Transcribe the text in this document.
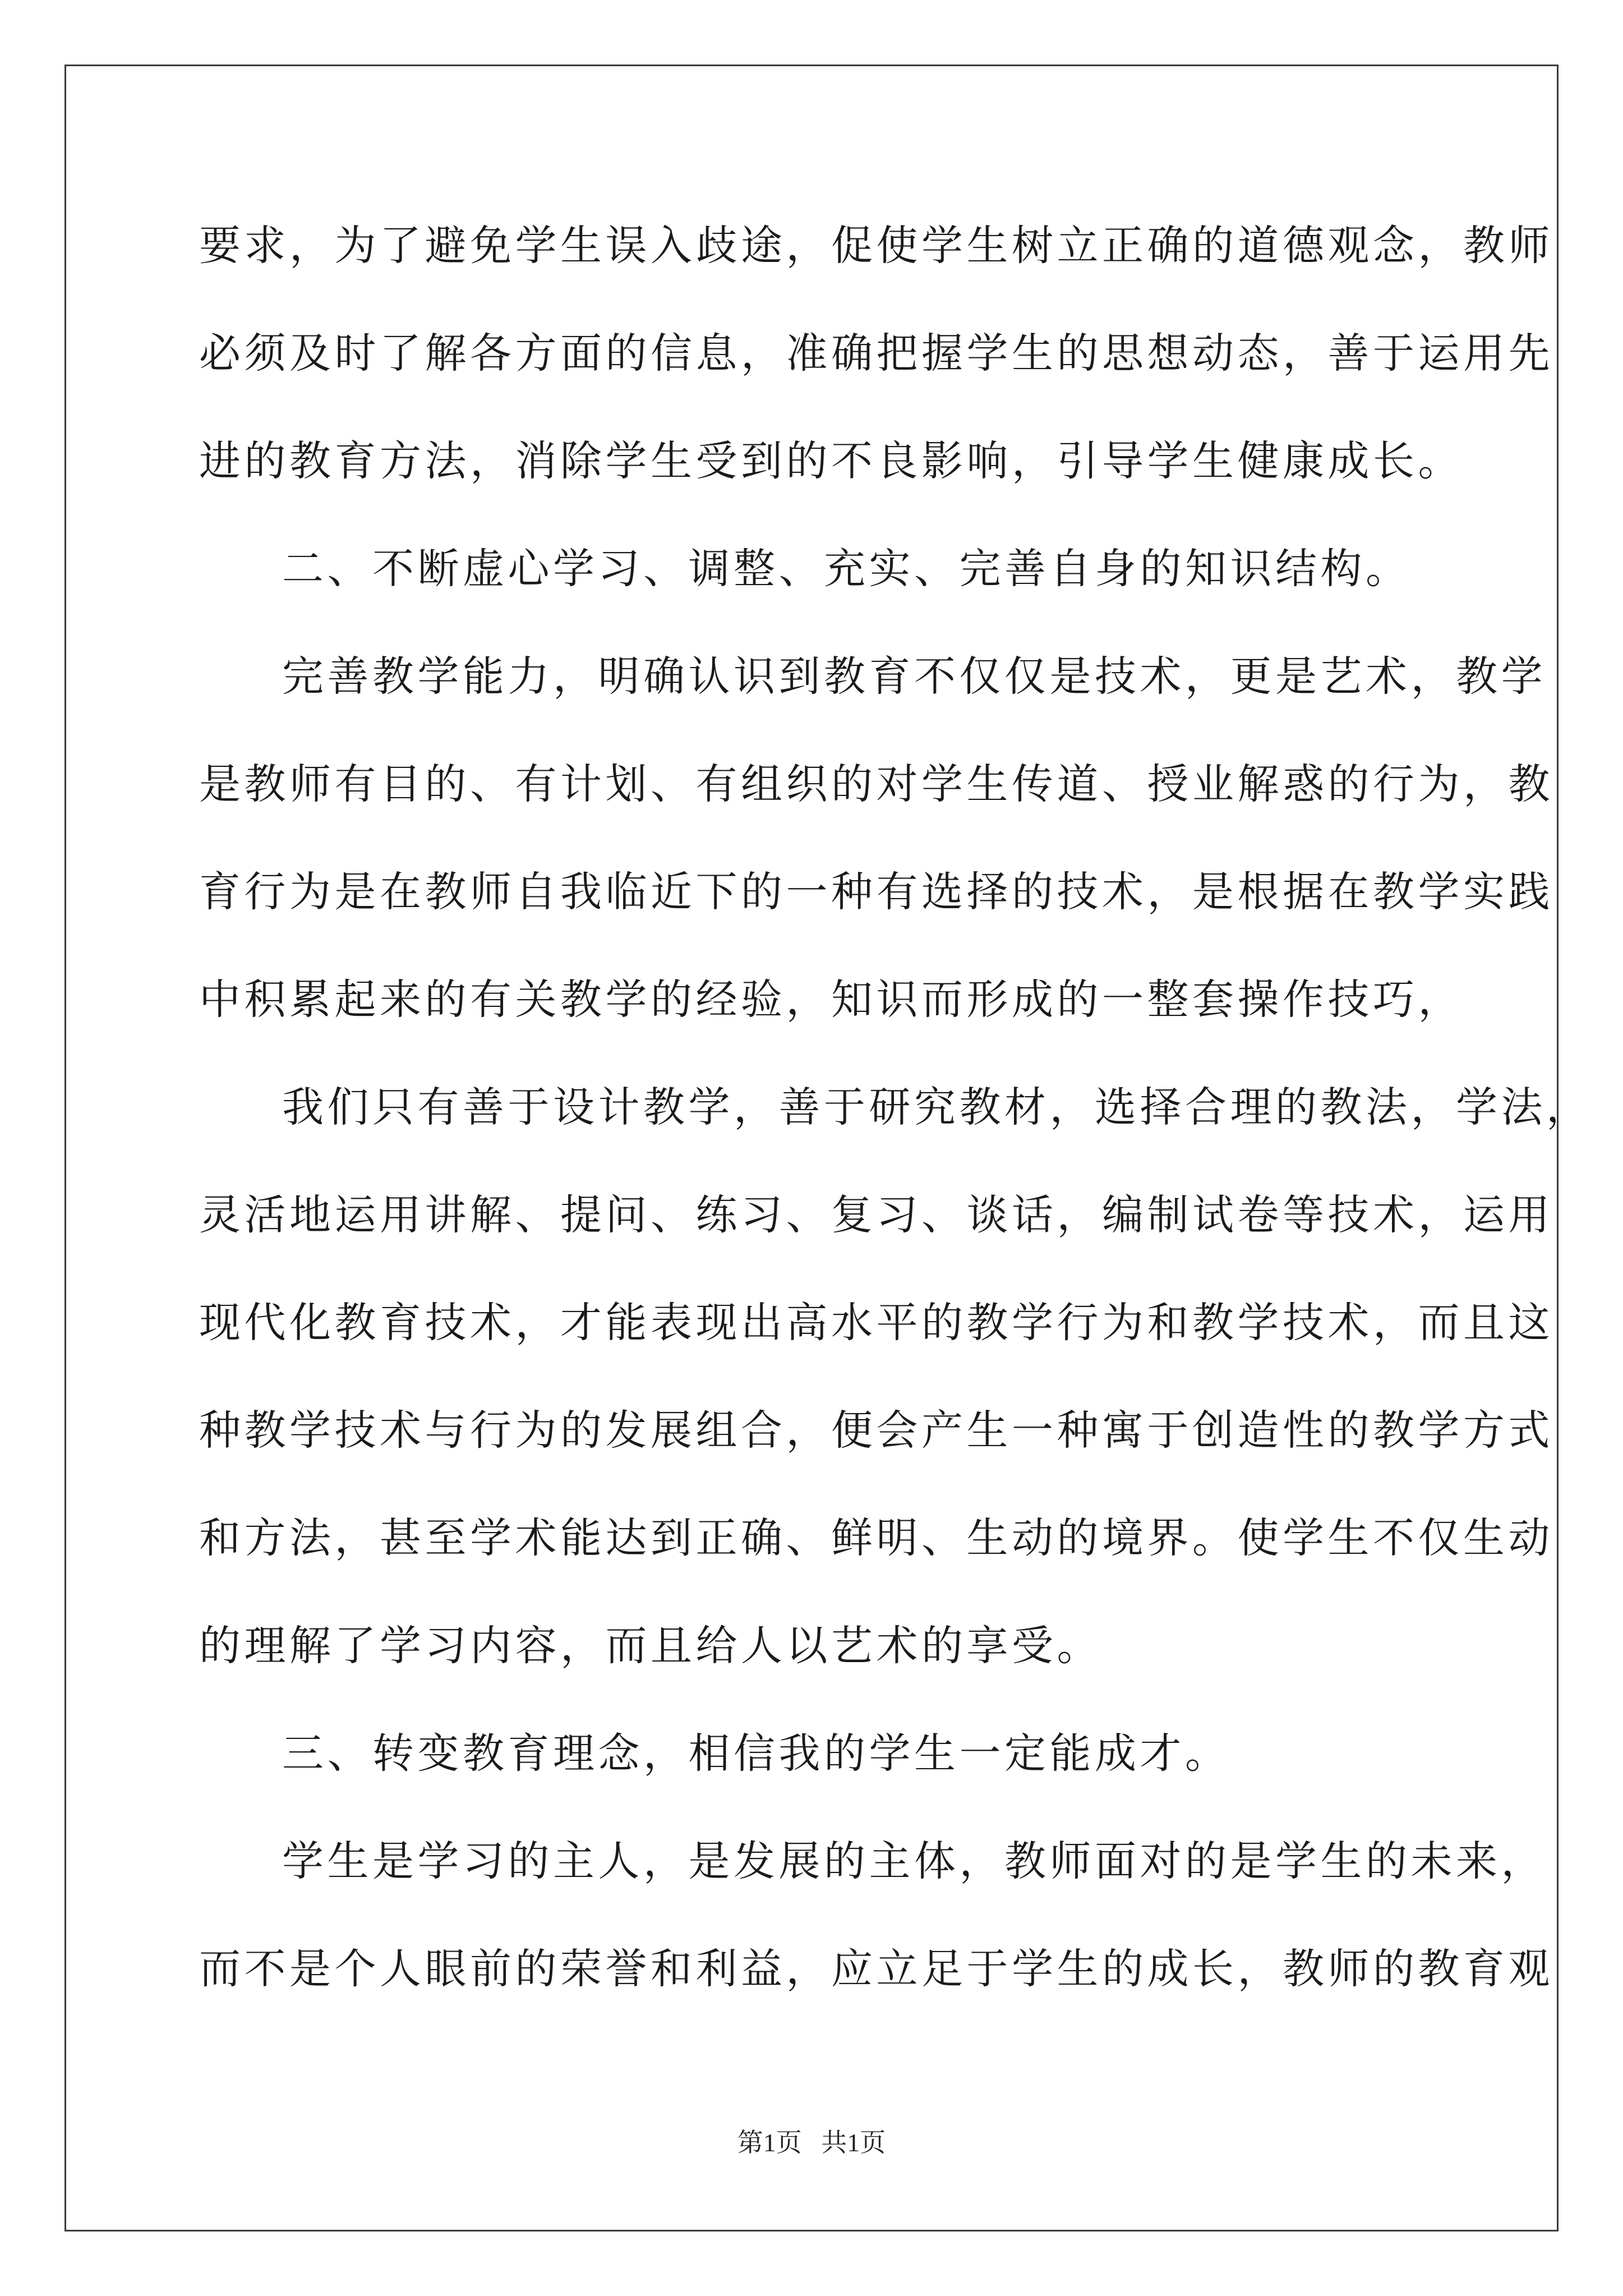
要求，为了避免学生误入歧途，促使学生树立正确的道德观念，教师
必须及时了解各方面的信息，准确把握学生的思想动态，善于运用先
进的教育方法，消除学生受到的不良影响，引导学生健康成长。
二、不断虚心学习、调整、充实、完善自身的知识结构。
完善教学能力，明确认识到教育不仅仅是技术，更是艺术，教学
是教师有目的、有计划、有组织的对学生传道、授业解惑的行为，教
育行为是在教师自我临近下的一种有选择的技术，是根据在教学实践
中积累起来的有关教学的经验，知识而形成的一整套操作技巧，
我们只有善于设计教学，善于研究教材，选择合理的教法，学法，
灵活地运用讲解、提问、练习、复习、谈话，编制试卷等技术，运用
现代化教育技术，才能表现出高水平的教学行为和教学技术，而且这
种教学技术与行为的发展组合，便会产生一种寓于创造性的教学方式
和方法，甚至学术能达到正确、鲜明、生动的境界。使学生不仅生动
的理解了学习内容，而且给人以艺术的享受。
三、转变教育理念，相信我的学生一定能成才。
学生是学习的主人，是发展的主体，教师面对的是学生的未来，
而不是个人眼前的荣誉和利益，应立足于学生的成长，教师的教育观
第1页   共1页
